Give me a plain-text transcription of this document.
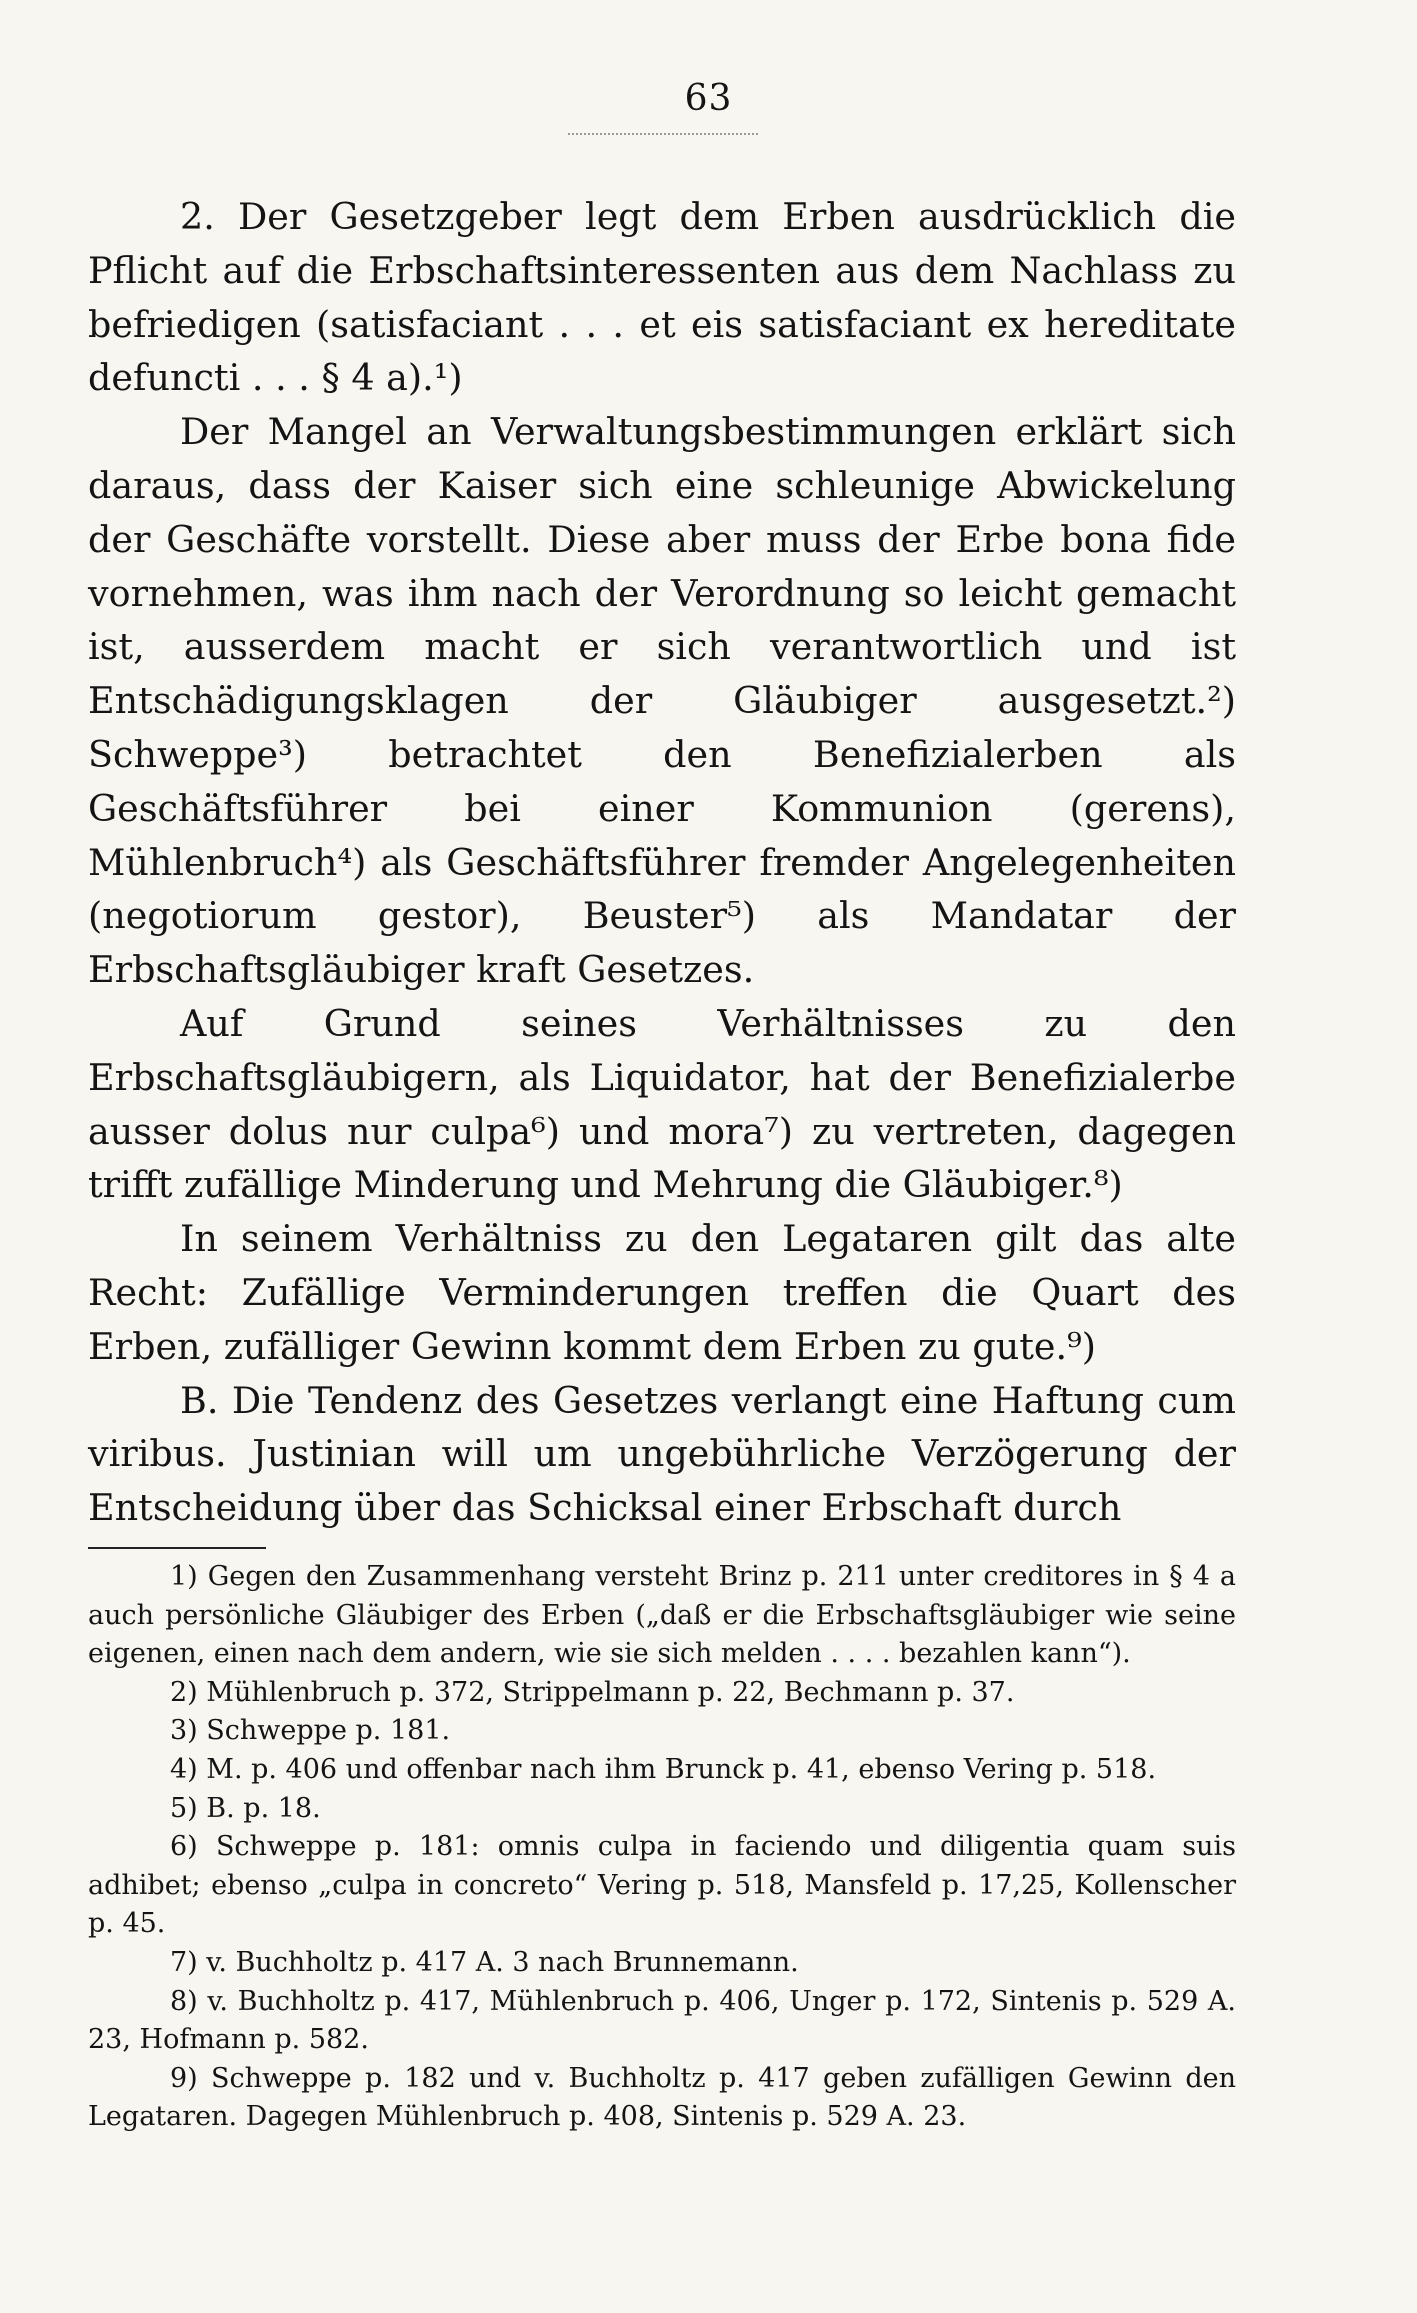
63

2. Der Gesetzgeber legt dem Erben ausdrücklich die Pflicht auf die Erbschaftsinteressenten aus dem Nachlass zu befriedigen (satisfaciant . . . et eis satisfaciant ex hereditate defuncti . . . § 4 a).¹)

Der Mangel an Verwaltungsbestimmungen erklärt sich daraus, dass der Kaiser sich eine schleunige Abwickelung der Geschäfte vorstellt. Diese aber muss der Erbe bona fide vornehmen, was ihm nach der Verordnung so leicht gemacht ist, ausserdem macht er sich verantwortlich und ist Entschädigungsklagen der Gläubiger ausgesetzt.²) Schweppe³) betrachtet den Benefizialerben als Geschäftsführer bei einer Kommunion (gerens), Mühlenbruch⁴) als Geschäftsführer fremder Angelegenheiten (negotiorum gestor), Beuster⁵) als Mandatar der Erbschaftsgläubiger kraft Gesetzes.

Auf Grund seines Verhältnisses zu den Erbschaftsgläubigern, als Liquidator, hat der Benefizialerbe ausser dolus nur culpa⁶) und mora⁷) zu vertreten, dagegen trifft zufällige Minderung und Mehrung die Gläubiger.⁸)

In seinem Verhältniss zu den Legataren gilt das alte Recht: Zufällige Verminderungen treffen die Quart des Erben, zufälliger Gewinn kommt dem Erben zu gute.⁹)

B. Die Tendenz des Gesetzes verlangt eine Haftung cum viribus. Justinian will um ungebührliche Verzögerung der Entscheidung über das Schicksal einer Erbschaft durch

1) Gegen den Zusammenhang versteht Brinz p. 211 unter creditores in § 4 a auch persönliche Gläubiger des Erben („daß er die Erbschaftsgläubiger wie seine eigenen, einen nach dem andern, wie sie sich melden . . . . bezahlen kann“).

2) Mühlenbruch p. 372, Strippelmann p. 22, Bechmann p. 37.

3) Schweppe p. 181.

4) M. p. 406 und offenbar nach ihm Brunck p. 41, ebenso Vering p. 518.

5) B. p. 18.

6) Schweppe p. 181: omnis culpa in faciendo und diligentia quam suis adhibet; ebenso „culpa in concreto“ Vering p. 518, Mansfeld p. 17,25, Kollenscher p. 45.

7) v. Buchholtz p. 417 A. 3 nach Brunnemann.

8) v. Buchholtz p. 417, Mühlenbruch p. 406, Unger p. 172, Sintenis p. 529 A. 23, Hofmann p. 582.

9) Schweppe p. 182 und v. Buchholtz p. 417 geben zufälligen Gewinn den Legataren. Dagegen Mühlenbruch p. 408, Sintenis p. 529 A. 23.
